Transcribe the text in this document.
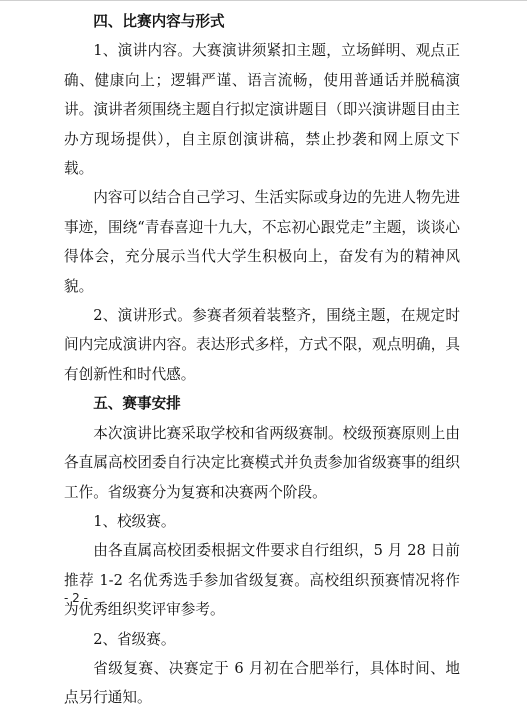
四、比赛内容与形式

1、演讲内容。大赛演讲须紧扣主题，立场鲜明、观点正确、健康向上；逻辑严谨、语言流畅，使用普通话并脱稿演讲。演讲者须围绕主题自行拟定演讲题目（即兴演讲题目由主办方现场提供），自主原创演讲稿，禁止抄袭和网上原文下载。

内容可以结合自己学习、生活实际或身边的先进人物先进事迹，围绕“青春喜迎十九大，不忘初心跟党走”主题，谈谈心得体会，充分展示当代大学生积极向上，奋发有为的精神风貌。

2、演讲形式。参赛者须着装整齐，围绕主题，在规定时间内完成演讲内容。表达形式多样，方式不限，观点明确，具有创新性和时代感。

五、赛事安排

本次演讲比赛采取学校和省两级赛制。校级预赛原则上由各直属高校团委自行决定比赛模式并负责参加省级赛事的组织工作。省级赛分为复赛和决赛两个阶段。

1、校级赛。

由各直属高校团委根据文件要求自行组织，5 月 28 日前推荐 1-2 名优秀选手参加省级复赛。高校组织预赛情况将作为优秀组织奖评审参考。

2、省级赛。

省级复赛、决赛定于 6 月初在合肥举行，具体时间、地点另行通知。

- 2 -
